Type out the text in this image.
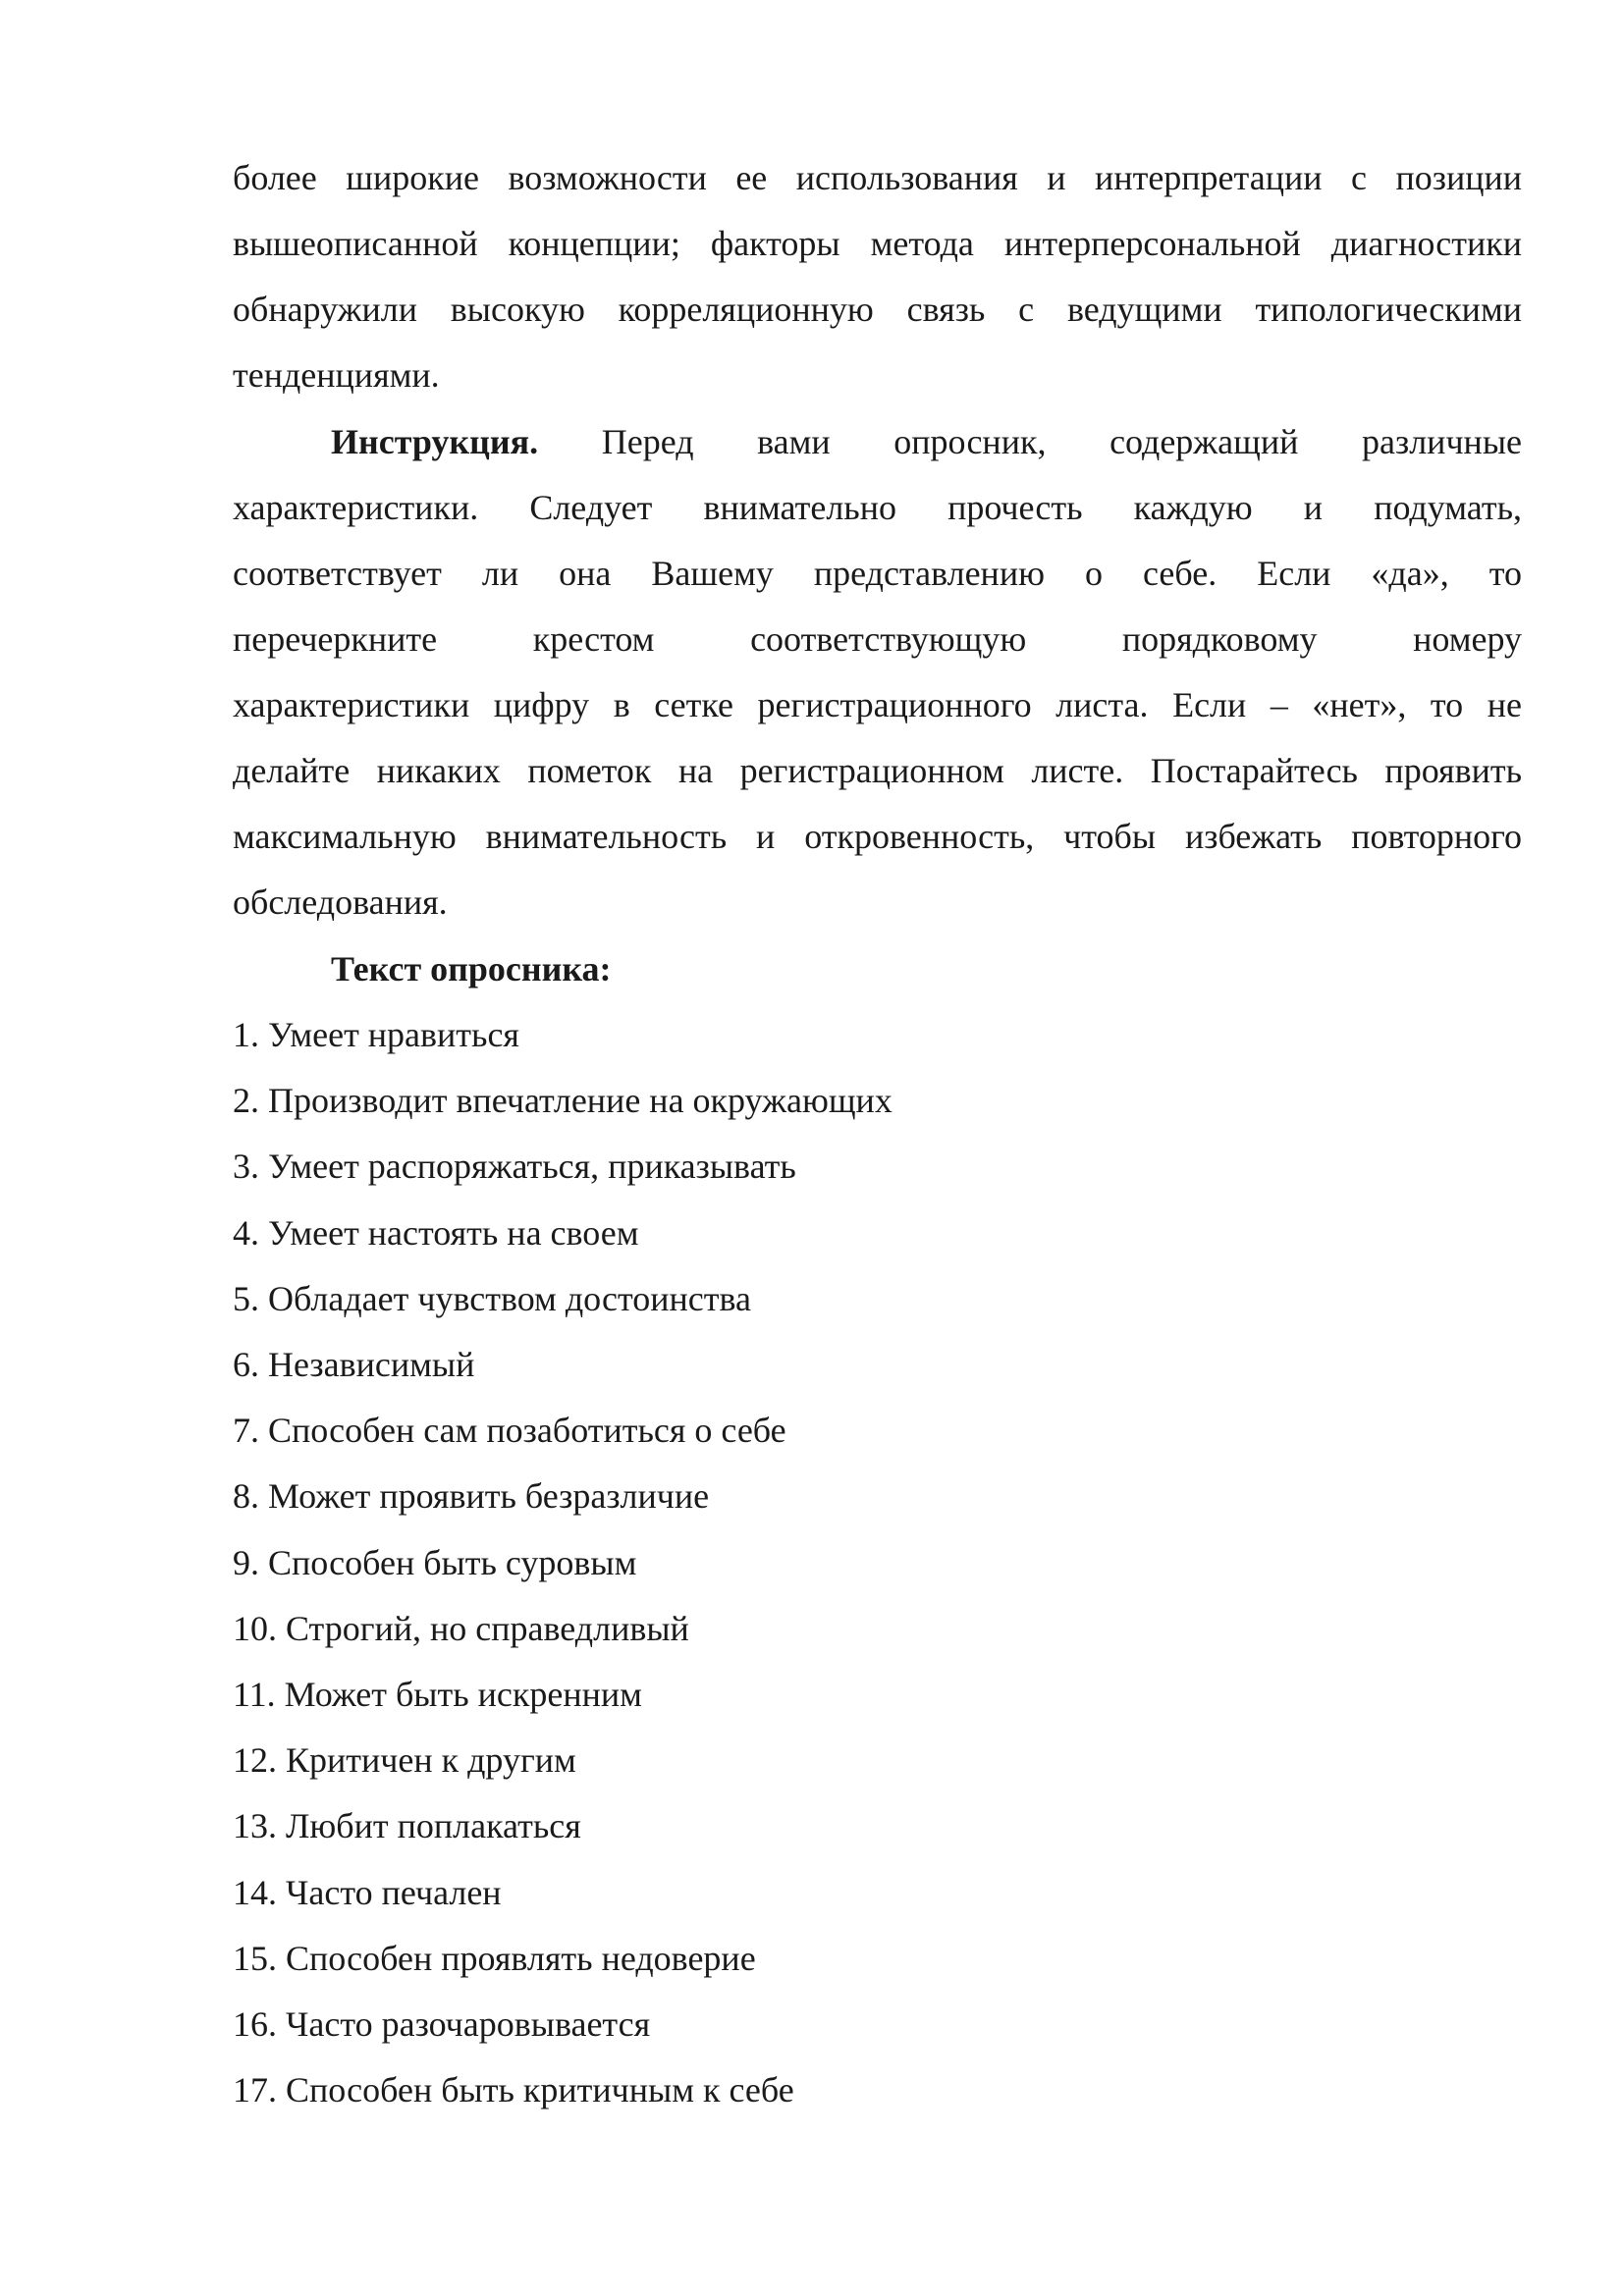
более широкие возможности ее использования и интерпретации с позиции

вышеописанной концепции; факторы метода интерперсональной диагностики

обнаружили высокую корреляционную связь с ведущими типологическими

тенденциями.

Инструкция. Перед вами опросник, содержащий различные

характеристики. Следует внимательно прочесть каждую и подумать,

соответствует ли она Вашему представлению о себе. Если «да», то

перечеркните крестом соответствующую порядковому номеру

характеристики цифру в сетке регистрационного листа. Если – «нет», то не

делайте никаких пометок на регистрационном листе. Постарайтесь проявить

максимальную внимательность и откровенность, чтобы избежать повторного

обследования.

Текст опросника:

1. Умеет нравиться
2. Производит впечатление на окружающих
3. Умеет распоряжаться, приказывать
4. Умеет настоять на своем
5. Обладает чувством достоинства
6. Независимый
7. Способен сам позаботиться о себе
8. Может проявить безразличие
9. Способен быть суровым
10. Строгий, но справедливый
11. Может быть искренним
12. Критичен к другим
13. Любит поплакаться
14. Часто печален
15. Способен проявлять недоверие
16. Часто разочаровывается
17. Способен быть критичным к себе
